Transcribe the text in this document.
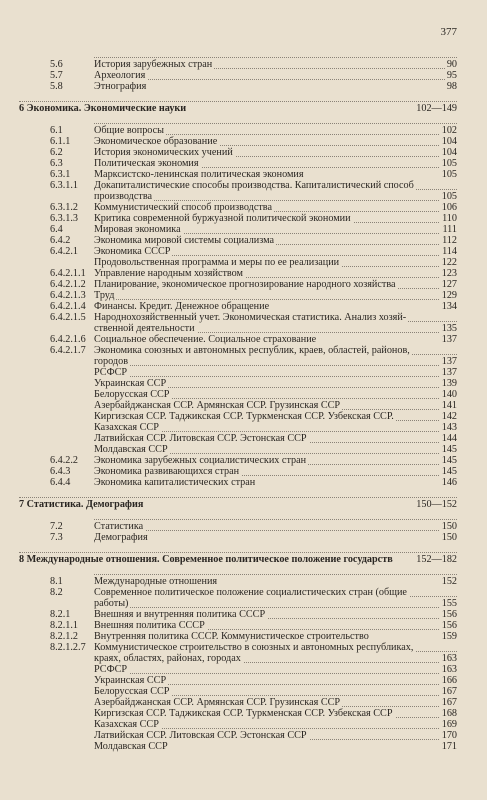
377
5.6	История зарубежных стран	90
5.7	Археология	95
5.8	Этнография	98
6 Экономика. Экономические науки	102—149
6.1	Общие вопросы	102
6.1.1 Экономическое образование	104
6.2	История экономических учений	104
6.3	Политическая экономия	105
6.3.1 Марксистско-ленинская политическая экономия	105
6.3.1.1 Докапиталистические способы производства. Капиталистический способ
производства	105
6.3.1.2 Коммунистический способ производства	106
6.3.1.3 Критика современной буржуазной политической экономии	110
6.4	Мировая экономика	111
6.4.2 Экономика мировой системы социализма	112
6.4.2.1 Экономика СССР	114
Продовольственная программа и меры по ее реализации	122
6.4.2.1.1 Управление народным хозяйством	123
6.4.2.1.2 Планирование, экономическое прогнозирование народного хозяйства	127
6.4.2.1.3 Труд	129
6.4.2.1.4 Финансы. Кредит. Денежное обращение	134
6.4.2.1.5 Народнохозяйственный учет. Экономическая статистика. Анализ хозяй-
ственной деятельности	135
6.4.2.1.6 Социальное обеспечение. Социальное страхование	137
6.4.2.1.7 Экономика союзных и автономных республик, краев, областей, районов,
городов	137
РСФСР	137
Украинская ССР	139
Белорусская ССР	140
Азербайджанская ССР. Армянская ССР. Грузинская ССР	141
Киргизская ССР. Таджикская ССР. Туркменская ССР. Узбекская ССР.	142
Казахская ССР	143
Латвийская ССР. Литовская ССР. Эстонская ССР	144
Молдавская ССР	145
6.4.2.2 Экономика зарубежных социалистических стран	145
6.4.3 Экономика развивающихся стран	145
6.4.4 Экономика капиталистических стран	146
7 Статистика. Демография	150—152
7.2	Статистика	150
7.3	Демография	150
8 Международные отношения. Современное политическое положение государств	152—182
8.1	Международные отношения	152
8.2	Современное политическое положение социалистических стран (общие
работы)	155
8.2.1 Внешняя и внутренняя политика СССР	156
8.2.1.1 Внешняя политика СССР	156
8.2.1.2 Внутренняя политика СССР. Коммунистическое строительство	159
8.2.1.2.7 Коммунистическое строительство в союзных и автономных республиках,
краях, областях, районах, городах	163
РСФСР	163
Украинская ССР	166
Белорусская ССР	167
Азербайджанская ССР. Армянская ССР. Грузинская ССР	167
Киргизская ССР. Таджикская ССР. Туркменская ССР. Узбекская ССР	168
Казахская ССР	169
Латвийская ССР. Литовская ССР. Эстонская ССР	170
Молдавская ССР	171
